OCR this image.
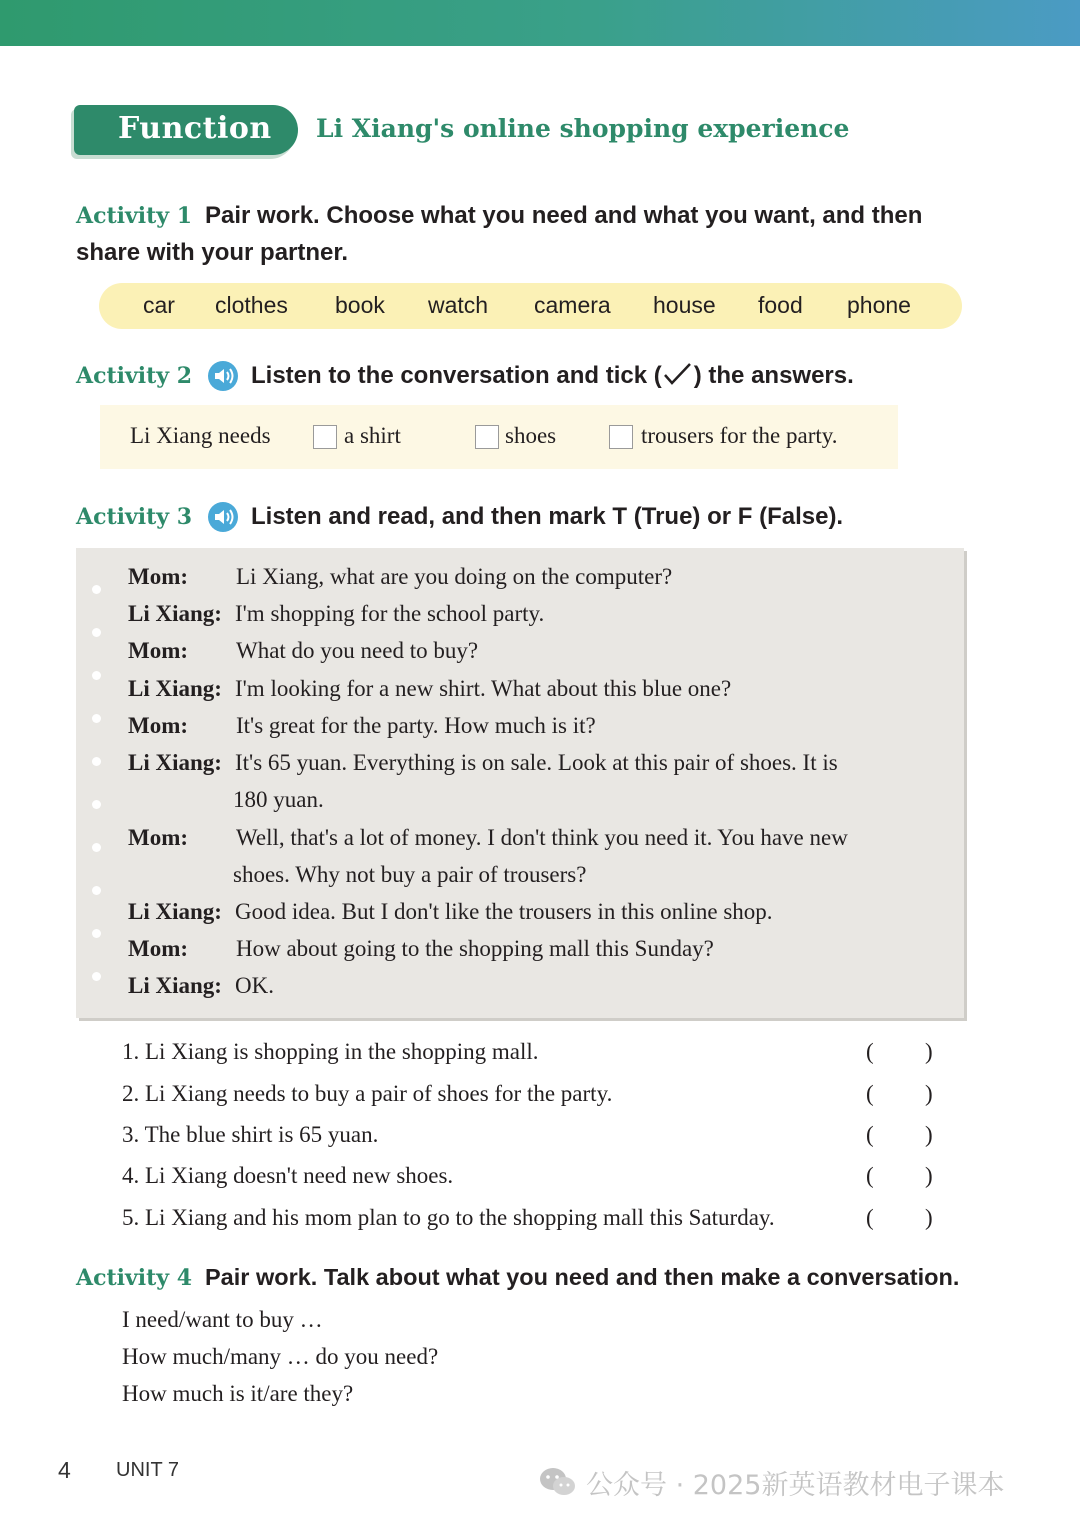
Function Li Xiang's online shopping experience
Activity 1 Pair work. Choose what you need and what you want, and then
share with your partner.
car clothes book watch camera house food phone
Activity 2 Listen to the conversation and tick ( ) the answers.
Li Xiang needs	a shirt	shoes	trousers for the party.
Activity 3 Listen and read, and then mark T (True) or F (False).
Mom: Li Xiang, what are you doing on the computer?
Li Xiang: I'm shopping for the school party.
Mom: What do you need to buy?
Li Xiang: I'm looking for a new shirt. What about this blue one?
Mom: It's great for the party. How much is it?
Li Xiang: It's 65 yuan. Everything is on sale. Look at this pair of shoes. It is
180 yuan.
Mom: Well, that's a lot of money. I don't think you need it. You have new
shoes. Why not buy a pair of trousers?
Li Xiang: Good idea. But I don't like the trousers in this online shop.
Mom: How about going to the shopping mall this Sunday?
Li Xiang: OK.
1. Li Xiang is shopping in the shopping mall.	( )
2. Li Xiang needs to buy a pair of shoes for the party.	( )
3. The blue shirt is 65 yuan.	( )
4. Li Xiang doesn't need new shoes.	( )
5. Li Xiang and his mom plan to go to the shopping mall this Saturday.	( )
Activity 4 Pair work. Talk about what you need and then make a conversation.
I need/want to buy …
How much/many … do you need?
How much is it/are they?
4 UNIT 7	公众号 · 2025新英语教材电子课本
